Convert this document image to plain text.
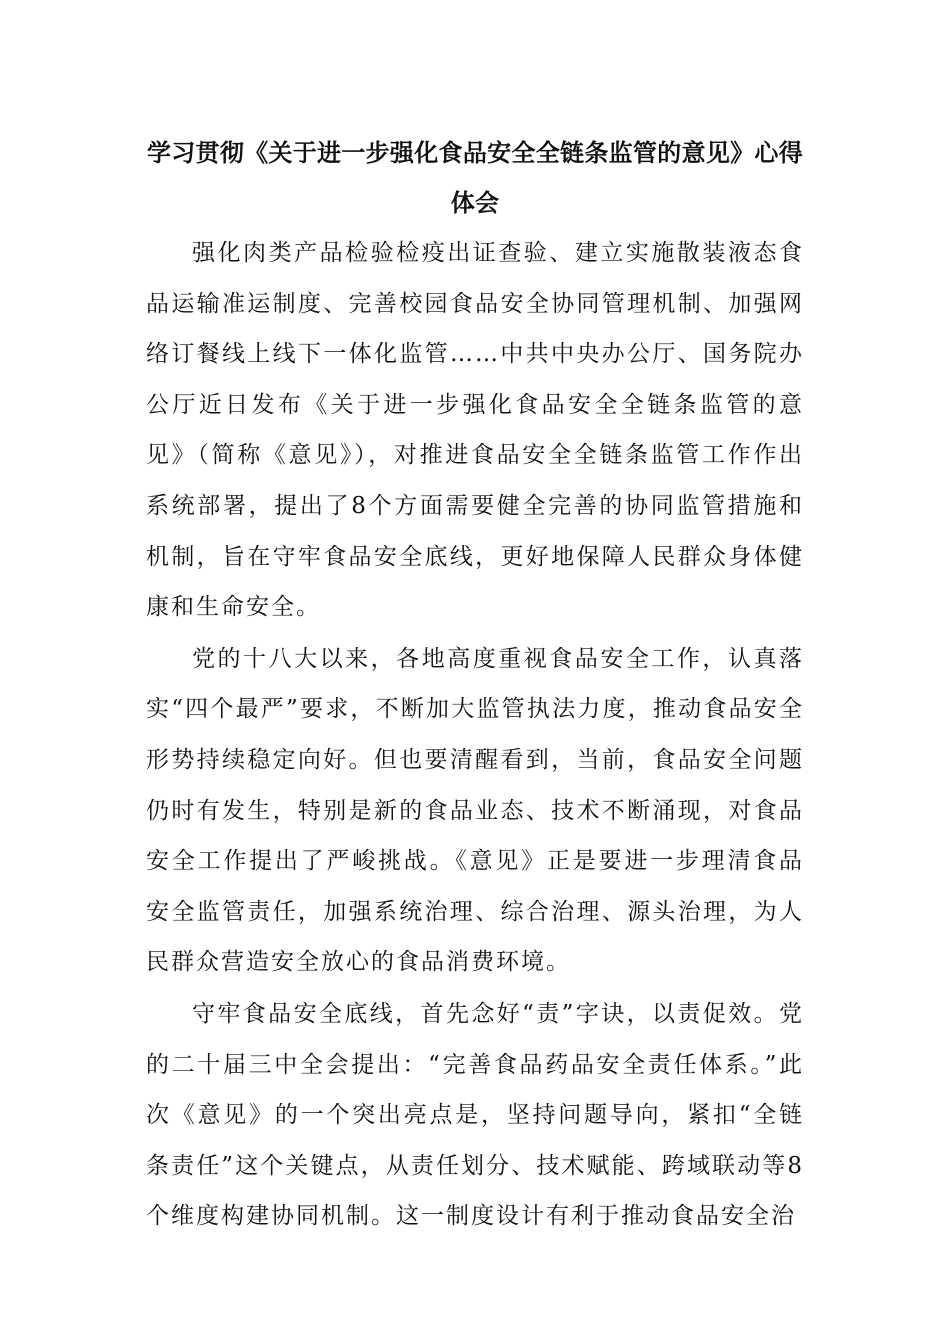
学习贯彻《关于进一步强化食品安全全链条监管的意见》心得体会

强化肉类产品检验检疫出证查验、建立实施散装液态食品运输准运制度、完善校园食品安全协同管理机制、加强网络订餐线上线下一体化监管……中共中央办公厅、国务院办公厅近日发布《关于进一步强化食品安全全链条监管的意见》（简称《意见》），对推进食品安全全链条监管工作作出系统部署，提出了8个方面需要健全完善的协同监管措施和机制，旨在守牢食品安全底线，更好地保障人民群众身体健康和生命安全。

党的十八大以来，各地高度重视食品安全工作，认真落实“四个最严”要求，不断加大监管执法力度，推动食品安全形势持续稳定向好。但也要清醒看到，当前，食品安全问题仍时有发生，特别是新的食品业态、技术不断涌现，对食品安全工作提出了严峻挑战。《意见》正是要进一步理清食品安全监管责任，加强系统治理、综合治理、源头治理，为人民群众营造安全放心的食品消费环境。

守牢食品安全底线，首先念好“责”字诀，以责促效。党的二十届三中全会提出：“完善食品药品安全责任体系。”此次《意见》的一个突出亮点是，坚持问题导向，紧扣“全链条责任”这个关键点，从责任划分、技术赋能、跨域联动等8个维度构建协同机制。这一制度设计有利于推动食品安全治
